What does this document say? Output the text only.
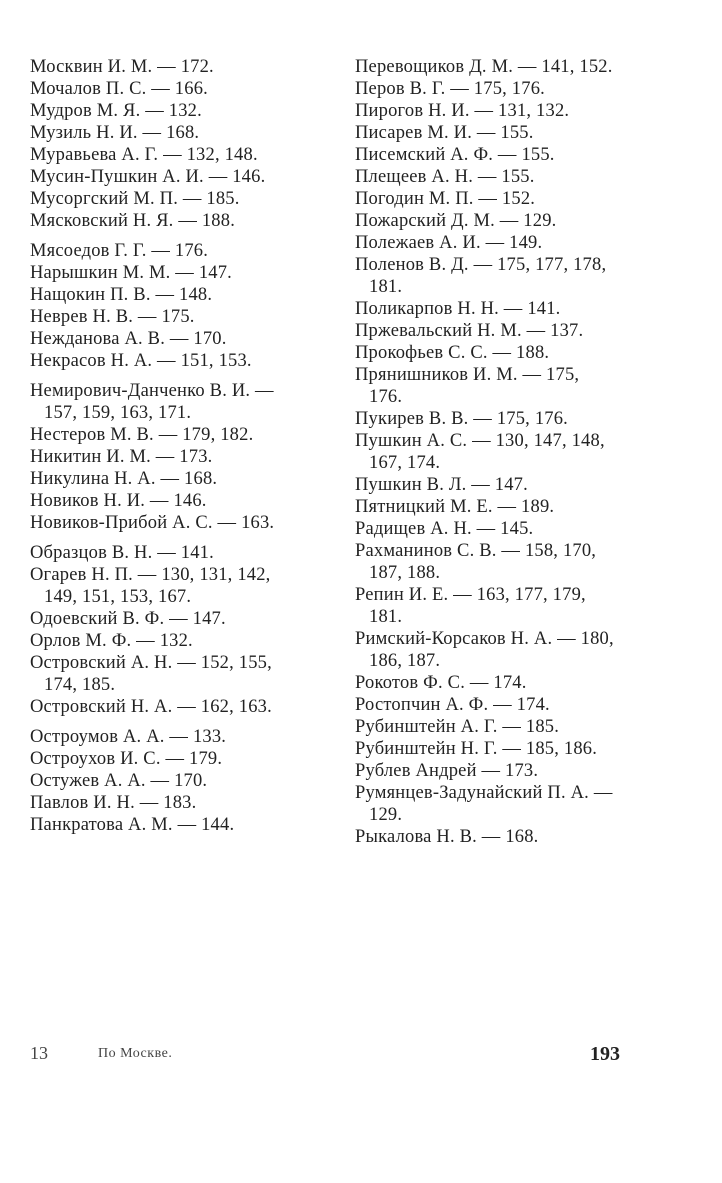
Москвин И. М. — 172.

Мочалов П. С. — 166.

Мудров М. Я. — 132.

Музиль Н. И. — 168.

Муравьева А. Г. — 132, 148.

Мусин-Пушкин А. И. — 146.

Мусоргский М. П. — 185.

Мясковский Н. Я. — 188.

Мясоедов Г. Г. — 176.

Нарышкин М. М. — 147.

Нащокин П. В. — 148.

Неврев Н. В. — 175.

Нежданова А. В. — 170.

Некрасов Н. А. — 151, 153.

Немирович-Данченко В. И. — 157, 159, 163, 171.

Нестеров М. В. — 179, 182.

Никитин И. М. — 173.

Никулина Н. А. — 168.

Новиков Н. И. — 146.

Новиков-Прибой А. С. — 163.

Образцов В. Н. — 141.

Огарев Н. П. — 130, 131, 142, 149, 151, 153, 167.

Одоевский В. Ф. — 147.

Орлов М. Ф. — 132.

Островский А. Н. — 152, 155, 174, 185.

Островский Н. А. — 162, 163.

Остроумов А. А. — 133.

Остроухов И. С. — 179.

Остужев А. А. — 170.

Павлов И. Н. — 183.

Панкратова А. М. — 144.

Перевощиков Д. М. — 141, 152.

Перов В. Г. — 175, 176.

Пирогов Н. И. — 131, 132.

Писарев М. И. — 155.

Писемский А. Ф. — 155.

Плещеев А. Н. — 155.

Погодин М. П. — 152.

Пожарский Д. М. — 129.

Полежаев А. И. — 149.

Поленов В. Д. — 175, 177, 178, 181.

Поликарпов Н. Н. — 141.

Пржевальский Н. М. — 137.

Прокофьев С. С. — 188.

Прянишников И. М. — 175, 176.

Пукирев В. В. — 175, 176.

Пушкин А. С. — 130, 147, 148, 167, 174.

Пушкин В. Л. — 147.

Пятницкий М. Е. — 189.

Радищев А. Н. — 145.

Рахманинов С. В. — 158, 170, 187, 188.

Репин И. Е. — 163, 177, 179, 181.

Римский-Корсаков Н. А. — 180, 186, 187.

Рокотов Ф. С. — 174.

Ростопчин А. Ф. — 174.

Рубинштейн А. Г. — 185.

Рубинштейн Н. Г. — 185, 186.

Рублев Андрей — 173.

Румянцев-Задунайский П. А. — 129.

Рыкалова Н. В. — 168.

13	По Москве.	193
